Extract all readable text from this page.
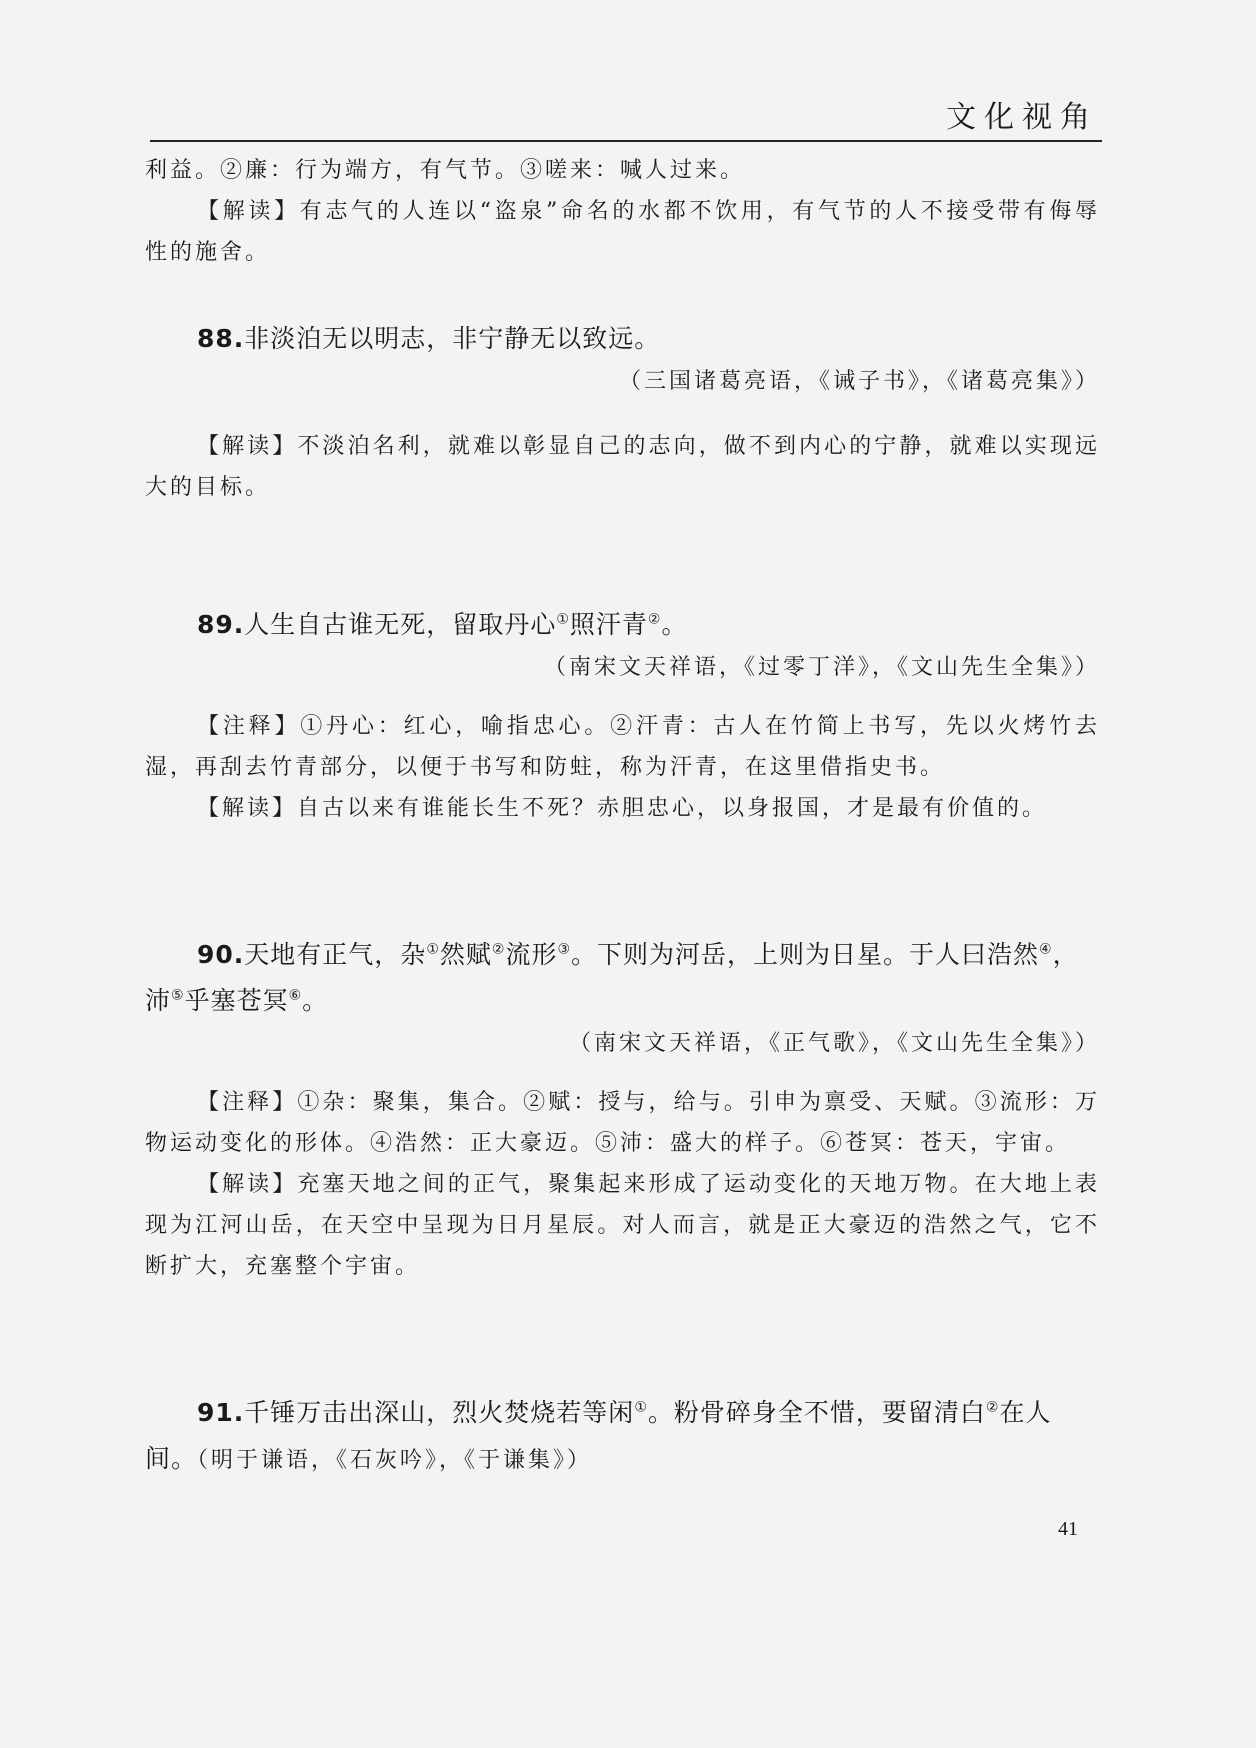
文化视角

利益。②廉：行为端方，有气节。③嗟来：喊人过来。

【解读】有志气的人连以“盗泉”命名的水都不饮用，有气节的人不接受带有侮辱性的施舍。

88.非淡泊无以明志，非宁静无以致远。

（三国诸葛亮语，《诫子书》，《诸葛亮集》）

【解读】不淡泊名利，就难以彰显自己的志向，做不到内心的宁静，就难以实现远大的目标。

89.人生自古谁无死，留取丹心①照汗青②。

（南宋文天祥语，《过零丁洋》，《文山先生全集》）

【注释】①丹心：红心，喻指忠心。②汗青：古人在竹简上书写，先以火烤竹去湿，再刮去竹青部分，以便于书写和防蛀，称为汗青，在这里借指史书。

【解读】自古以来有谁能长生不死？赤胆忠心，以身报国，才是最有价值的。

90.天地有正气，杂①然赋②流形③。下则为河岳，上则为日星。于人曰浩然④，沛⑤乎塞苍冥⑥。

（南宋文天祥语，《正气歌》，《文山先生全集》）

【注释】①杂：聚集，集合。②赋：授与，给与。引申为禀受、天赋。③流形：万物运动变化的形体。④浩然：正大豪迈。⑤沛：盛大的样子。⑥苍冥：苍天，宇宙。

【解读】充塞天地之间的正气，聚集起来形成了运动变化的天地万物。在大地上表现为江河山岳，在天空中呈现为日月星辰。对人而言，就是正大豪迈的浩然之气，它不断扩大，充塞整个宇宙。

91.千锤万击出深山，烈火焚烧若等闲①。粉骨碎身全不惜，要留清白②在人间。（明于谦语，《石灰吟》，《于谦集》）

41
